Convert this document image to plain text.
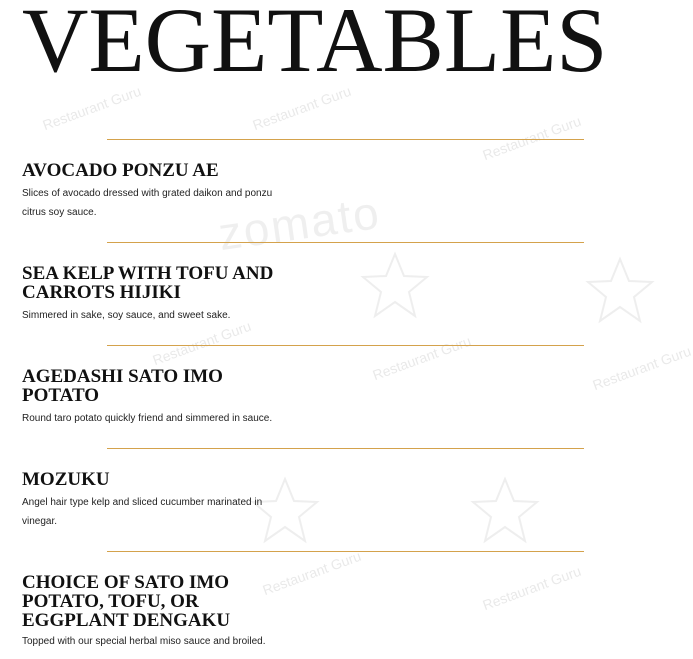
Restaurant Guru	Restaurant Guru
Restaurant Guru
Restaurant Guru	Restaurant Guru	Restaurant Guru
Restaurant Guru	Restaurant Guru
zomato
VEGETABLES
AVOCADO PONZU AE

Slices of avocado dressed with grated daikon and ponzu citrus soy sauce.

SEA KELP WITH TOFU AND
CARROTS HIJIKI

Simmered in sake, soy sauce, and sweet sake.

AGEDASHI SATO IMO
POTATO

Round taro potato quickly friend and simmered in sauce.

MOZUKU

Angel hair type kelp and sliced cucumber marinated in vinegar.

CHOICE OF SATO IMO
POTATO, TOFU, OR
EGGPLANT DENGAKU

Topped with our special herbal miso sauce and broiled.
